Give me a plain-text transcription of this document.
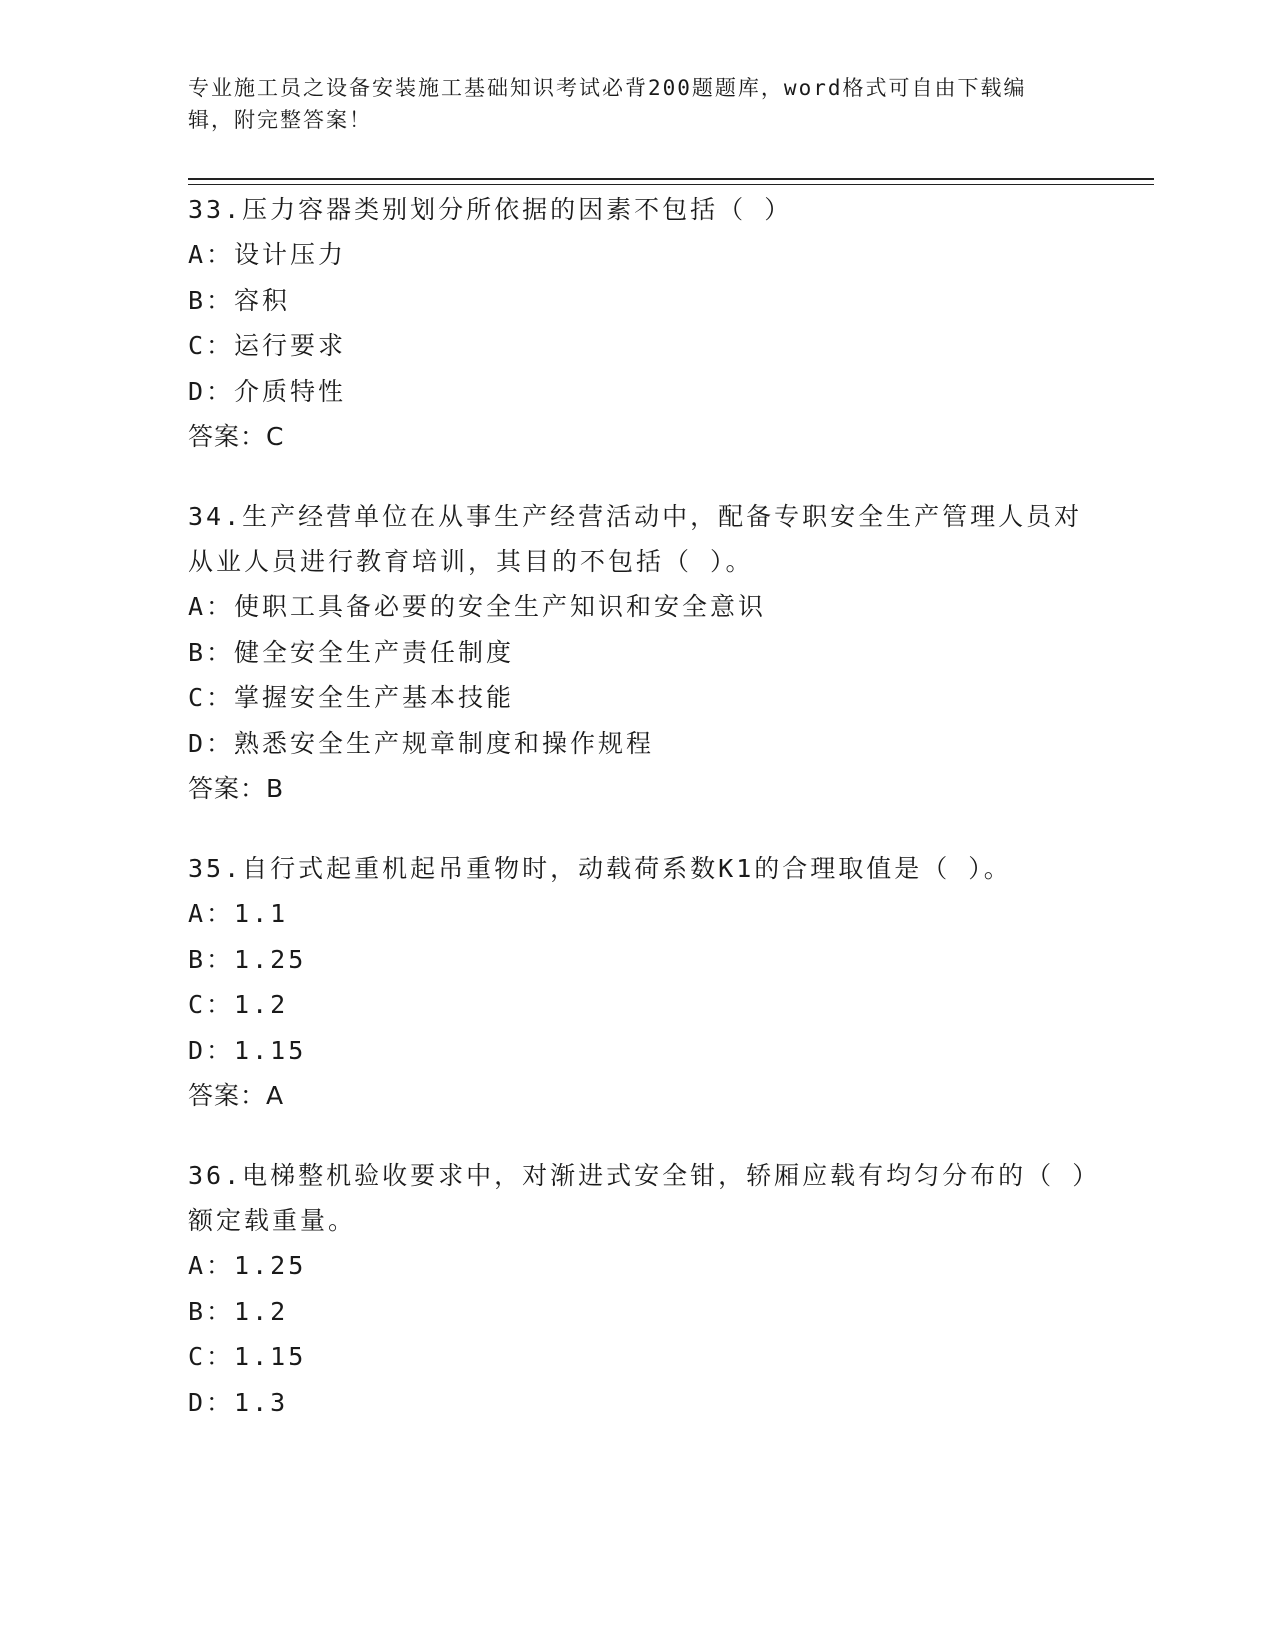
专业施工员之设备安装施工基础知识考试必背200题题库，word格式可自由下载编辑，附完整答案！

33.压力容器类别划分所依据的因素不包括（ ）

A：设计压力

B：容积

C：运行要求

D：介质特性

答案：C

34.生产经营单位在从事生产经营活动中，配备专职安全生产管理人员对从业人员进行教育培训，其目的不包括（ ）。

A：使职工具备必要的安全生产知识和安全意识

B：健全安全生产责任制度

C：掌握安全生产基本技能

D：熟悉安全生产规章制度和操作规程

答案：B

35.自行式起重机起吊重物时，动载荷系数K1的合理取值是（ ）。

A：1.1

B：1.25

C：1.2

D：1.15

答案：A

36.电梯整机验收要求中，对渐进式安全钳，轿厢应载有均匀分布的（ ）额定载重量。

A：1.25

B：1.2

C：1.15

D：1.3
